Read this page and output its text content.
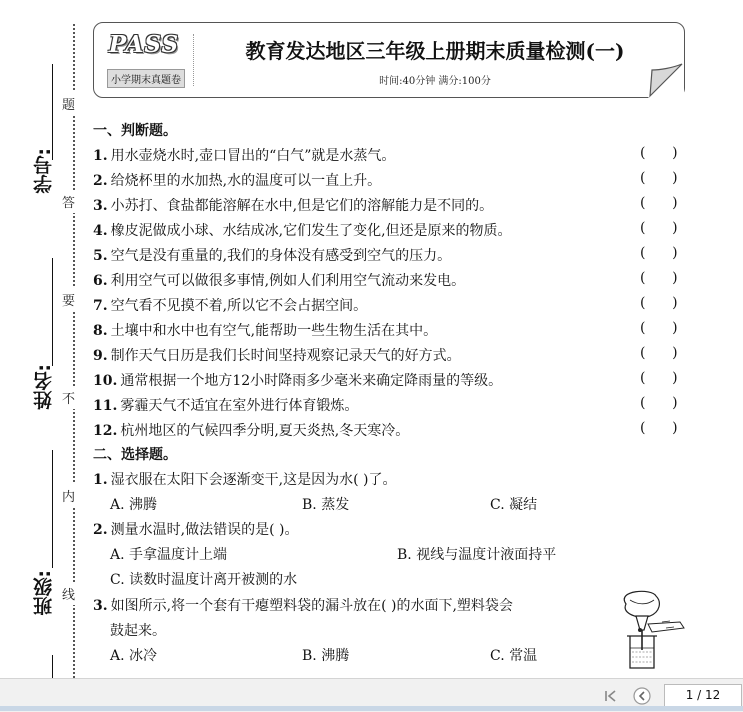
学号:
姓名:
班级:
题
答
要
不
内
线
PASS
小学期末真题卷
教育发达地区三年级上册期末质量检测(一)
时间:40分钟 满分:100分
一、判断题。
1. 用水壶烧水时,壶口冒出的“白气”就是水蒸气。	(      )
2. 给烧杯里的水加热,水的温度可以一直上升。	(      )
3. 小苏打、食盐都能溶解在水中,但是它们的溶解能力是不同的。	(      )
4. 橡皮泥做成小球、水结成冰,它们发生了变化,但还是原来的物质。	(      )
5. 空气是没有重量的,我们的身体没有感受到空气的压力。	(      )
6. 利用空气可以做很多事情,例如人们利用空气流动来发电。	(      )
7. 空气看不见摸不着,所以它不会占据空间。	(      )
8. 土壤中和水中也有空气,能帮助一些生物生活在其中。	(      )
9. 制作天气日历是我们长时间坚持观察记录天气的好方式。	(      )
10. 通常根据一个地方12小时降雨多少毫米来确定降雨量的等级。	(      )
11. 雾霾天气不适宜在室外进行体育锻炼。	(      )
12. 杭州地区的气候四季分明,夏天炎热,冬天寒冷。	(      )
二、选择题。
1. 湿衣服在太阳下会逐渐变干,这是因为水( )了。
A. 沸腾	B. 蒸发	C. 凝结
2. 测量水温时,做法错误的是( )。
A. 手拿温度计上端	B. 视线与温度计液面持平
C. 读数时温度计离开被测的水
3. 如图所示,将一个套有干瘪塑料袋的漏斗放在( )的水面下,塑料袋会
鼓起来。
A. 冰冷	B. 沸腾	C. 常温
1 / 12
